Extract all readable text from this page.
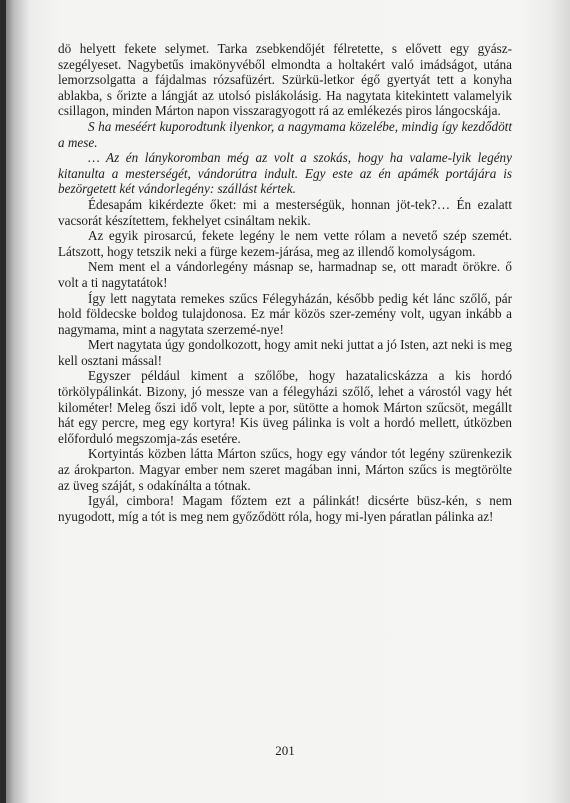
dö helyett fekete selymet. Tarka zsebkendőjét félretette, s elővett egy gyász-szegélyeset. Nagybetűs imakönyvéből elmondta a holtakért való imádságot, utána lemorzsolgatta a fájdalmas rózsafüzért. Szürkü-letkor égő gyertyát tett a konyha ablakba, s őrizte a lángját az utolsó pislákolásig. Ha nagytata kitekintett valamelyik csillagon, minden Márton napon visszaragyogott rá az emlékezés piros lángocskája.

S ha meséért kuporodtunk ilyenkor, a nagymama közelébe, mindig így kezdődött a mese.

… Az én lánykoromban még az volt a szokás, hogy ha valame-lyik legény kitanulta a mesterségét, vándorútra indult. Egy este az én apámék portájára is bezörgetett két vándorlegény: szállást kértek.

Édesapám kikérdezte őket: mi a mesterségük, honnan jöt-tek?… Én ezalatt vacsorát készítettem, fekhelyet csináltam nekik.

Az egyik pirosarcú, fekete legény le nem vette rólam a nevető szép szemét. Látszott, hogy tetszik neki a fürge kezem-járása, meg az illendő komolyságom.

Nem ment el a vándorlegény másnap se, harmadnap se, ott maradt örökre. ő volt a ti nagytatátok!

Így lett nagytata remekes szűcs Félegyházán, később pedig két lánc szőlő, pár hold földecske boldog tulajdonosa. Ez már közös szer-zemény volt, ugyan inkább a nagymama, mint a nagytata szerzemé-nye!

Mert nagytata úgy gondolkozott, hogy amit neki juttat a jó Isten, azt neki is meg kell osztani mással!

Egyszer például kiment a szőlőbe, hogy hazatalicskázza a kis hordó törkölypálinkát. Bizony, jó messze van a félegyházi szőlő, lehet a várostól vagy hét kilométer! Meleg őszi idő volt, lepte a por, sütötte a homok Márton szűcsöt, megállt hát egy percre, meg egy kortyra! Kis üveg pálinka is volt a hordó mellett, útközben előforduló megszomja-zás esetére.

Kortyintás közben látta Márton szűcs, hogy egy vándor tót legény szürenkezik az árokparton. Magyar ember nem szeret magában inni, Márton szűcs is megtörölte az üveg száját, s odakínálta a tótnak.

Igyál, cimbora! Magam főztem ezt a pálinkát! dicsérte büsz-kén, s nem nyugodott, míg a tót is meg nem győződött róla, hogy mi-lyen páratlan pálinka az!

201
